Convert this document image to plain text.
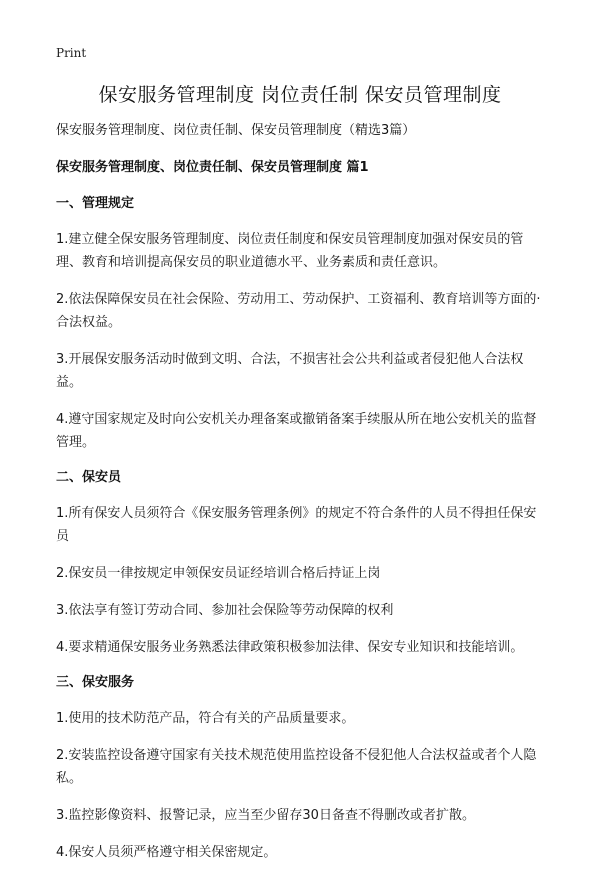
Print
保安服务管理制度 岗位责任制 保安员管理制度

保安服务管理制度、岗位责任制、保安员管理制度（精选3篇）

保安服务管理制度、岗位责任制、保安员管理制度 篇1

一、管理规定

1.建立健全保安服务管理制度、岗位责任制度和保安员管理制度加强对保安员的管理、教育和培训提高保安员的职业道德水平、业务素质和责任意识。

2.依法保障保安员在社会保险、劳动用工、劳动保护、工资福利、教育培训等方面的·合法权益。

3.开展保安服务活动时做到文明、合法，不损害社会公共利益或者侵犯他人合法权益。

4.遵守国家规定及时向公安机关办理备案或撤销备案手续服从所在地公安机关的监督管理。

二、保安员

1.所有保安人员须符合《保安服务管理条例》的规定不符合条件的人员不得担任保安员

2.保安员一律按规定申领保安员证经培训合格后持证上岗

3.依法享有签订劳动合同、参加社会保险等劳动保障的权利

4.要求精通保安服务业务熟悉法律政策积极参加法律、保安专业知识和技能培训。

三、保安服务

1.使用的技术防范产品，符合有关的产品质量要求。

2.安装监控设备遵守国家有关技术规范使用监控设备不侵犯他人合法权益或者个人隐私。

3.监控影像资料、报警记录，应当至少留存30日备查不得删改或者扩散。

4.保安人员须严格遵守相关保密规定。
